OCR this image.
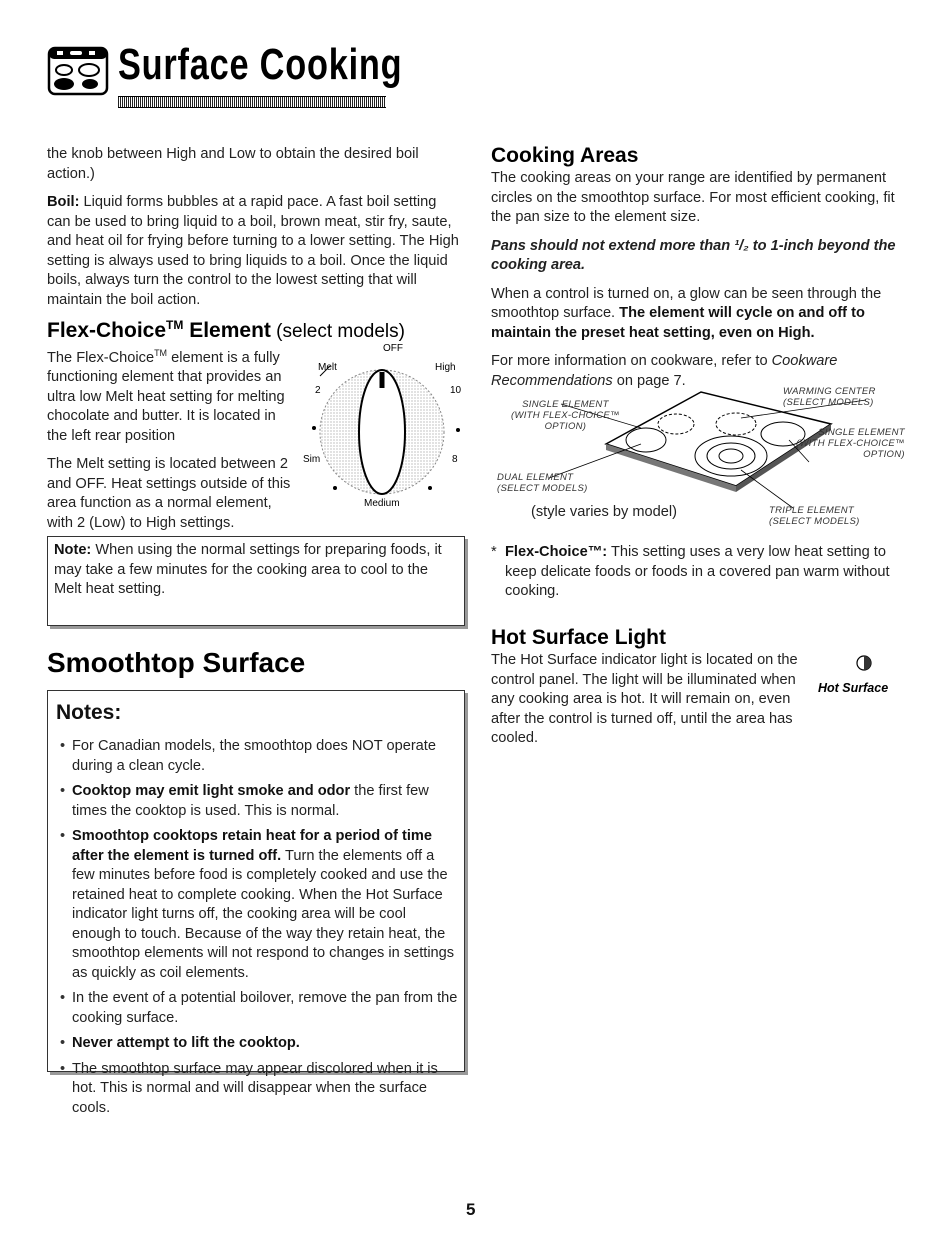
Surface Cooking

the knob between High and Low to obtain the desired boil action.)

Boil: Liquid forms bubbles at a rapid pace. A fast boil setting can be used to bring liquid to a boil, brown meat, stir fry, saute, and heat oil for frying before turning to a lower setting. The High setting is always used to bring liquids to a boil. Once the liquid boils, always turn the control to the lowest setting that will maintain the boil action.

Flex-Choice™ Element (select models)

The Flex-Choice™ element is a fully functioning element that provides an ultra low Melt heat setting for melting chocolate and butter. It is located in the left rear position

The Melt setting is located between 2 and OFF. Heat settings outside of this area function as a normal element, with 2 (Low) to High settings.

OFF
Melt	High
2	10
Sim	8
Medium
Note: When using the normal settings for preparing foods, it may take a few minutes for the cooking area to cool to the Melt heat setting.
Smoothtop Surface
Notes:
• For Canadian models, the smoothtop does NOT operate during a clean cycle.
• Cooktop may emit light smoke and odor the first few times the cooktop is used. This is normal.
• Smoothtop cooktops retain heat for a period of time after the element is turned off. Turn the elements off a few minutes before food is completely cooked and use the retained heat to complete cooking. When the Hot Surface indicator light turns off, the cooking area will be cool enough to touch. Because of the way they retain heat, the smoothtop elements will not respond to changes in settings as quickly as coil elements.
• In the event of a potential boilover, remove the pan from the cooking surface.
• Never attempt to lift the cooktop.
• The smoothtop surface may appear discolored when it is hot. This is normal and will disappear when the surface cools.
Cooking Areas

The cooking areas on your range are identified by permanent circles on the smoothtop surface. For most efficient cooking, fit the pan size to the element size.

Pans should not extend more than ¹/₂ to 1-inch beyond the cooking area.

When a control is turned on, a glow can be seen through the smoothtop surface. The element will cycle on and off to maintain the preset heat setting, even on High.

For more information on cookware, refer to Cookware Recommendations on page 7.

SINGLE ELEMENT
(WITH FLEX-CHOICE™
OPTION)
WARMING CENTER
(SELECT MODELS)
SINGLE ELEMENT
(WITH FLEX-CHOICE™
OPTION)
DUAL ELEMENT
(SELECT MODELS)
TRIPLE ELEMENT
(SELECT MODELS)
(style varies by model)
* Flex-Choice™: This setting uses a very low heat setting to keep delicate foods or foods in a covered pan warm without cooking.
Hot Surface Light
The Hot Surface indicator light is located on the control panel. The light will be illuminated when any cooking area is hot. It will remain on, even after the control is turned off, until the area has cooled.
Hot Surface
5
